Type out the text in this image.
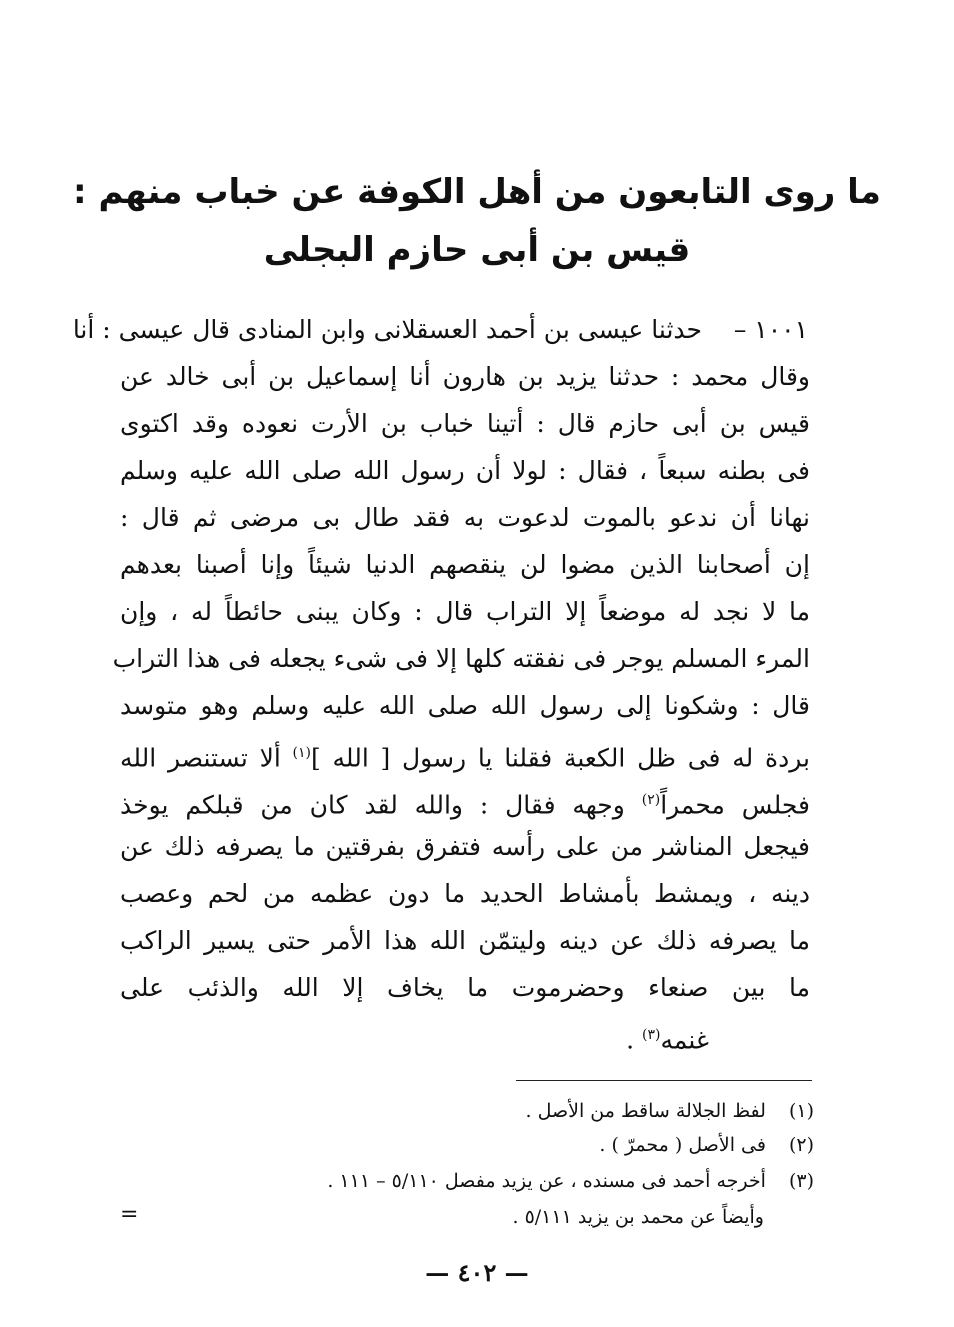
ما روى التابعون من أهل الكوفة عن خباب منهم :
قيس بن أبى حازم البجلى
١٠٠١ –
حدثنا عيسى بن أحمد العسقلانى وابن المنادى قال عيسى : أنا
وقال محمد : حدثنا يزيد بن هارون أنا إسماعيل بن أبى خالد عن
قيس بن أبى حازم قال : أتينا خباب بن الأرت نعوده وقد اكتوى
فى بطنه سبعاً ، فقال : لولا أن رسول الله صلى الله عليه وسلم
نهانا أن ندعو بالموت لدعوت به فقد طال بى مرضى ثم قال :
إن أصحابنا الذين مضوا لن ينقصهم الدنيا شيئاً وإنا أصبنا بعدهم
ما لا نجد له موضعاً إلا التراب قال : وكان يبنى حائطاً له ، وإن
المرء المسلم يوجر فى نفقته كلها إلا فى شىء يجعله فى هذا التراب
قال : وشكونا إلى رسول الله صلى الله عليه وسلم وهو متوسد
بردة له فى ظل الكعبة فقلنا يا رسول [ الله ]$^{(١)}$ ألا تستنصر الله
فجلس محمراً$^{(٢)}$ وجهه فقال : والله لقد كان من قبلكم يوخذ
فيجعل المناشر من على رأسه فتفرق بفرقتين ما يصرفه ذلك عن
دينه ، ويمشط بأمشاط الحديد ما دون عظمه من لحم وعصب
ما يصرفه ذلك عن دينه وليتمّن الله هذا الأمر حتى يسير الراكب
ما بين صنعاء وحضرموت ما يخاف إلا الله والذئب على
غنمه$^{(٣)}$ .
(١) لفظ الجلالة ساقط من الأصل .
(٢) فى الأصل ( محمرّ ) .
(٣) أخرجه أحمد فى مسنده ، عن يزيد مفصل ٥/١١٠ – ١١١ .
وأيضاً عن محمد بن يزيد ٥/١١١ .
=
— ٤٠٢ —
